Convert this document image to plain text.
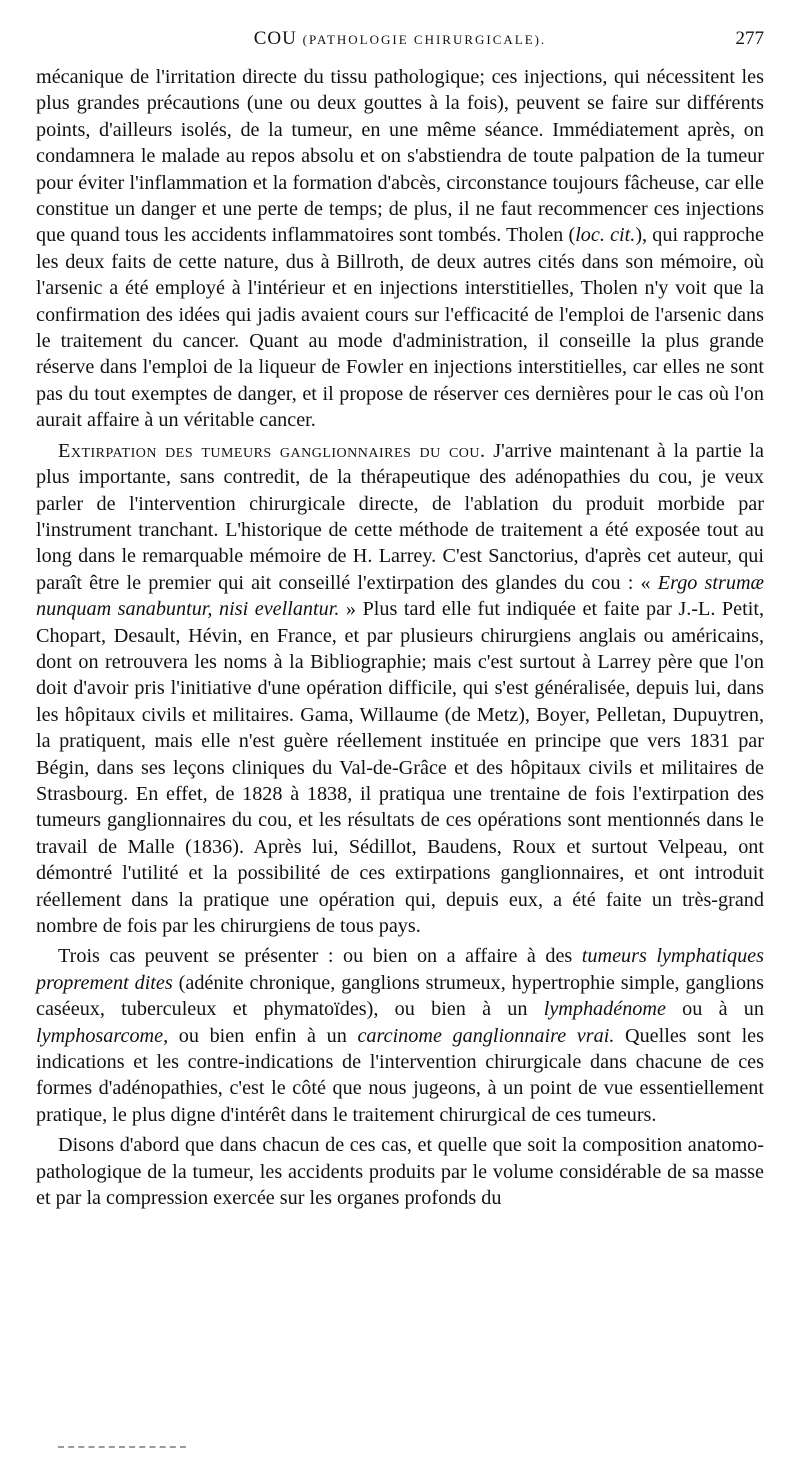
COU (PATHOLOGIE CHIRURGICALE).	277

mécanique de l'irritation directe du tissu pathologique; ces injections, qui nécessitent les plus grandes précautions (une ou deux gouttes à la fois), peuvent se faire sur différents points, d'ailleurs isolés, de la tumeur, en une même séance. Immédiatement après, on condamnera le malade au repos absolu et on s'abstiendra de toute palpation de la tumeur pour éviter l'inflammation et la formation d'abcès, circonstance toujours fâcheuse, car elle constitue un danger et une perte de temps; de plus, il ne faut recommencer ces injections que quand tous les accidents inflammatoires sont tombés. Tholen (loc. cit.), qui rapproche les deux faits de cette nature, dus à Billroth, de deux autres cités dans son mémoire, où l'arsenic a été employé à l'intérieur et en injections interstitielles, Tholen n'y voit que la confirmation des idées qui jadis avaient cours sur l'efficacité de l'emploi de l'arsenic dans le traitement du cancer. Quant au mode d'administration, il conseille la plus grande réserve dans l'emploi de la liqueur de Fowler en injections interstitielles, car elles ne sont pas du tout exemptes de danger, et il propose de réserver ces dernières pour le cas où l'on aurait affaire à un véritable cancer.

Extirpation des tumeurs ganglionnaires du cou. J'arrive maintenant à la partie la plus importante, sans contredit, de la thérapeutique des adénopathies du cou, je veux parler de l'intervention chirurgicale directe, de l'ablation du produit morbide par l'instrument tranchant. L'historique de cette méthode de traitement a été exposée tout au long dans le remarquable mémoire de H. Larrey. C'est Sanctorius, d'après cet auteur, qui paraît être le premier qui ait conseillé l'extirpation des glandes du cou : « Ergo strumæ nunquam sanabuntur, nisi evellantur. » Plus tard elle fut indiquée et faite par J.-L. Petit, Chopart, Desault, Hévin, en France, et par plusieurs chirurgiens anglais ou américains, dont on retrouvera les noms à la Bibliographie; mais c'est surtout à Larrey père que l'on doit d'avoir pris l'initiative d'une opération difficile, qui s'est généralisée, depuis lui, dans les hôpitaux civils et militaires. Gama, Willaume (de Metz), Boyer, Pelletan, Dupuytren, la pratiquent, mais elle n'est guère réellement instituée en principe que vers 1831 par Bégin, dans ses leçons cliniques du Val-de-Grâce et des hôpitaux civils et militaires de Strasbourg. En effet, de 1828 à 1838, il pratiqua une trentaine de fois l'extirpation des tumeurs ganglionnaires du cou, et les résultats de ces opérations sont mentionnés dans le travail de Malle (1836). Après lui, Sédillot, Baudens, Roux et surtout Velpeau, ont démontré l'utilité et la possibilité de ces extirpations ganglionnaires, et ont introduit réellement dans la pratique une opération qui, depuis eux, a été faite un très-grand nombre de fois par les chirurgiens de tous pays.

Trois cas peuvent se présenter : ou bien on a affaire à des tumeurs lymphatiques proprement dites (adénite chronique, ganglions strumeux, hypertrophie simple, ganglions caséeux, tuberculeux et phymatoïdes), ou bien à un lymphadénome ou à un lymphosarcome, ou bien enfin à un carcinome ganglionnaire vrai. Quelles sont les indications et les contre-indications de l'intervention chirurgicale dans chacune de ces formes d'adénopathies, c'est le côté que nous jugeons, à un point de vue essentiellement pratique, le plus digne d'intérêt dans le traitement chirurgical de ces tumeurs.

Disons d'abord que dans chacun de ces cas, et quelle que soit la composition anatomo-pathologique de la tumeur, les accidents produits par le volume considérable de sa masse et par la compression exercée sur les organes profonds du
